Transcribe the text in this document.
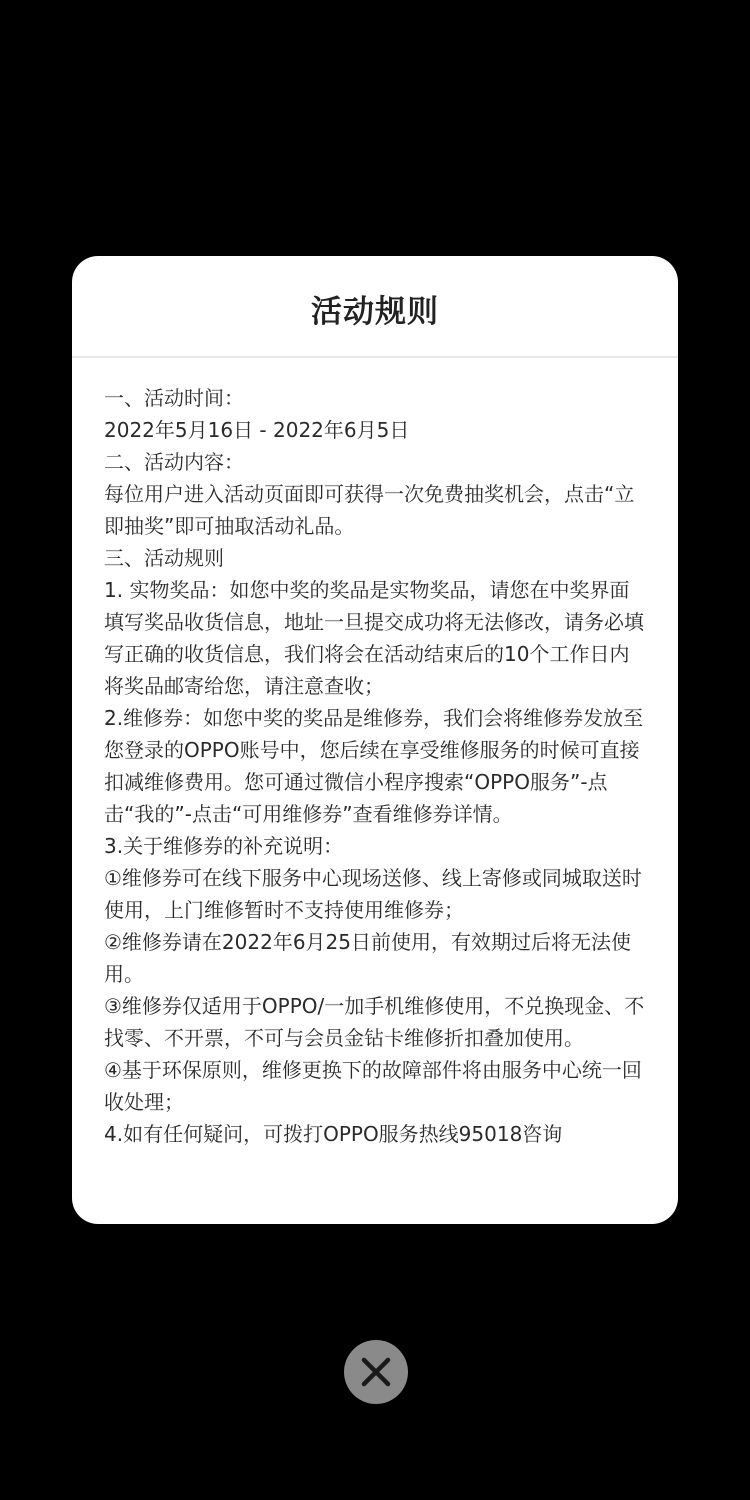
活动规则
一、活动时间：
2022年5月16日 - 2022年6月5日
二、活动内容：
每位用户进入活动页面即可获得一次免费抽奖机会，点击“立即抽奖”即可抽取活动礼品。
三、活动规则
1. 实物奖品：如您中奖的奖品是实物奖品，请您在中奖界面填写奖品收货信息，地址一旦提交成功将无法修改，请务必填写正确的收货信息，我们将会在活动结束后的10个工作日内将奖品邮寄给您，请注意查收；
2.维修券：如您中奖的奖品是维修券，我们会将维修券发放至您登录的OPPO账号中，您后续在享受维修服务的时候可直接扣减维修费用。您可通过微信小程序搜索“OPPO服务”-点击“我的”-点击“可用维修券”查看维修券详情。
3.关于维修券的补充说明：
①维修券可在线下服务中心现场送修、线上寄修或同城取送时使用，上门维修暂时不支持使用维修券；
②维修券请在2022年6月25日前使用，有效期过后将无法使用。
③维修券仅适用于OPPO/一加手机维修使用，不兑换现金、不找零、不开票，不可与会员金钻卡维修折扣叠加使用。
④基于环保原则，维修更换下的故障部件将由服务中心统一回收处理；
4.如有任何疑问，可拨打OPPO服务热线95018咨询
